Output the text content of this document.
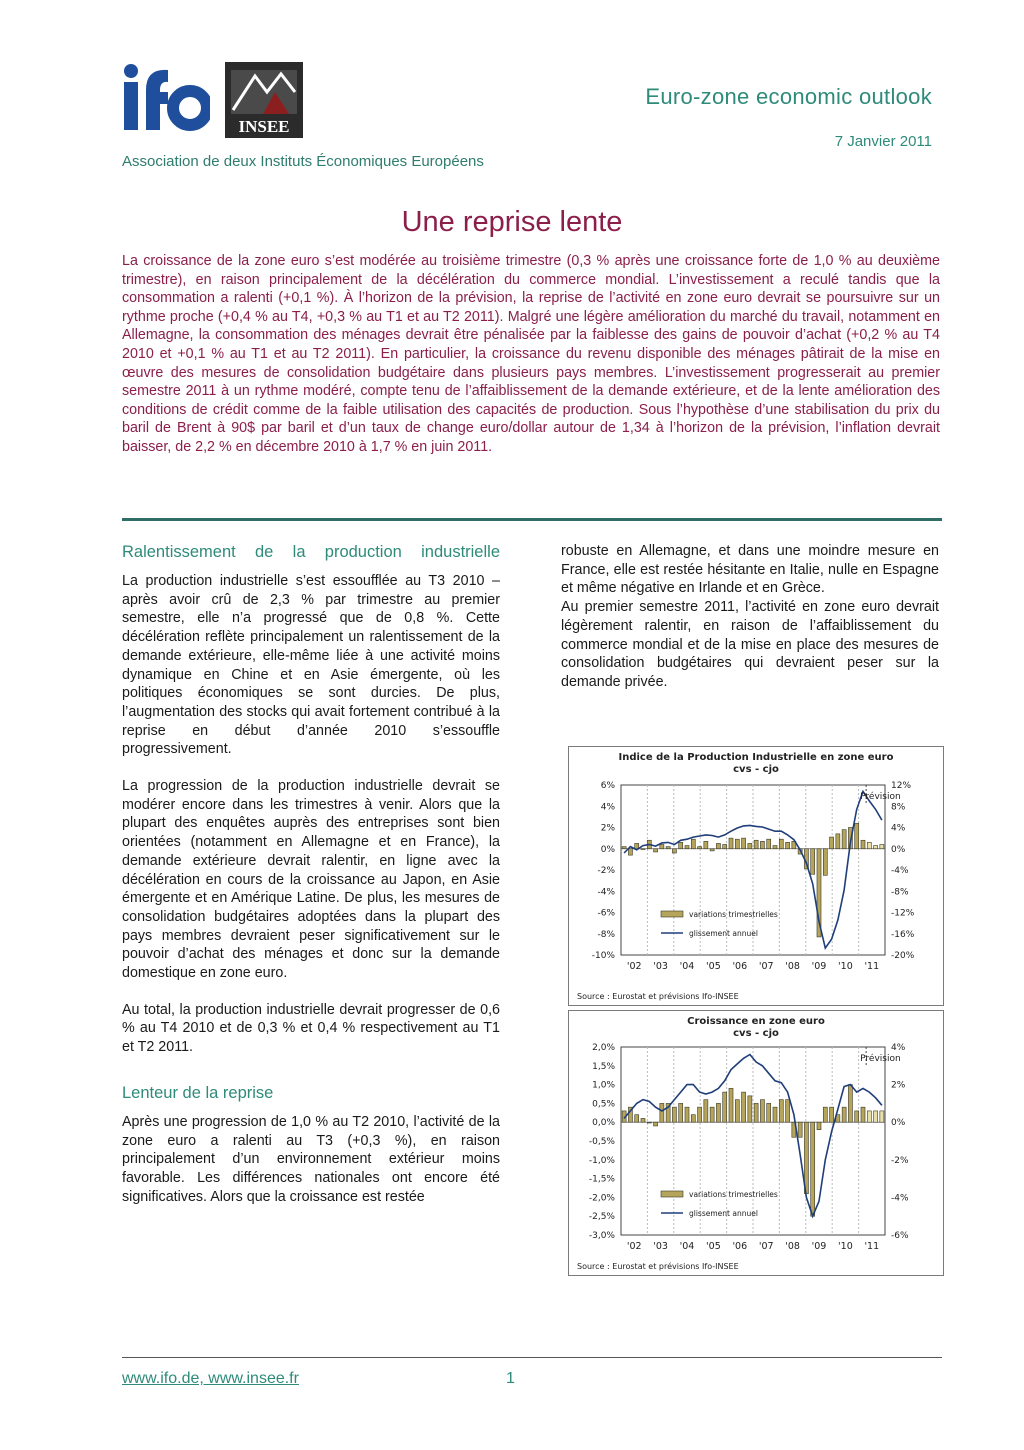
INSEE
Association de deux Instituts Économiques Européens
Euro-zone economic outlook
7 Janvier 2011
Une reprise lente
La croissance de la zone euro s’est modérée au troisième trimestre (0,3 % après une croissance forte de 1,0 % au deuxième trimestre), en raison principalement de la décélération du commerce mondial. L’investissement a reculé tandis que la consommation a ralenti (+0,1 %). À l’horizon de la prévision, la reprise de l’activité en zone euro devrait se poursuivre sur un rythme proche (+0,4 % au T4, +0,3 % au T1 et au T2 2011). Malgré une légère amélioration du marché du travail, notamment en Allemagne, la consommation des ménages devrait être pénalisée par la faiblesse des gains de pouvoir d’achat (+0,2 % au T4 2010 et +0,1 % au T1 et au T2 2011). En particulier, la croissance du revenu disponible des ménages pâtirait de la mise en œuvre des mesures de consolidation budgétaire dans plusieurs pays membres. L’investissement progresserait au premier semestre 2011 à un rythme modéré, compte tenu de l’affaiblissement de la demande extérieure, et de la lente amélioration des conditions de crédit comme de la faible utilisation des capacités de production. Sous l’hypothèse d’une stabilisation du prix du baril de Brent à 90$ par baril et d’un taux de change euro/dollar autour de 1,34 à l’horizon de la prévision, l’inflation devrait baisser, de 2,2 % en décembre 2010 à 1,7 % en juin 2011.
Ralentissement de la production industrielle

La production industrielle s’est essoufflée au T3 2010 – après avoir crû de 2,3 % par trimestre au premier semestre, elle n’a progressé que de 0,8 %. Cette décélération reflète principalement un ralentissement de la demande extérieure, elle-même liée à une activité moins dynamique en Chine et en Asie émergente, où les politiques économiques se sont durcies. De plus, l’augmentation des stocks qui avait fortement contribué à la reprise en début d’année 2010 s’essouffle progressivement.

La progression de la production industrielle devrait se modérer encore dans les trimestres à venir. Alors que la plupart des enquêtes auprès des entreprises sont bien orientées (notamment en Allemagne et en France), la demande extérieure devrait ralentir, en ligne avec la décélération en cours de la croissance au Japon, en Asie émergente et en Amérique Latine. De plus, les mesures de consolidation budgétaires adoptées dans la plupart des pays membres devraient peser significativement sur le pouvoir d’achat des ménages et donc sur la demande domestique en zone euro.

Au total, la production industrielle devrait progresser de 0,6 % au T4 2010 et de 0,3 % et 0,4 % respectivement au T1 et T2 2011.

Lenteur de la reprise

Après une progression de 1,0 % au T2 2010, l’activité de la zone euro a ralenti au T3 (+0,3 %), en raison principalement d’un environnement extérieur moins favorable. Les différences nationales ont encore été significatives. Alors que la croissance est restée

robuste en Allemagne, et dans une moindre mesure en France, elle est restée hésitante en Italie, nulle en Espagne et même négative en Irlande et en Grèce.

Au premier semestre 2011, l’activité en zone euro devrait légèrement ralentir, en raison de l’affaiblissement du commerce mondial et de la mise en place des mesures de consolidation budgétaires qui devraient peser sur la demande privée.

Indice de la Production Industrielle en zone euro
cvs - cjo
6%
4%
2%
0%
-2%
-4%
-6%
-8%
-10%
12%
8%
4%
0%
-4%
-8%
-12%
-16%
-20%
'02 '03 '04 '05 '06 '07 '08 '09 '10 '11
Prévision
variations trimestrielles
glissement annuel
Source : Eurostat et prévisions Ifo-INSEE
Croissance en zone euro
cvs - cjo
2,0%
1,5%
1,0%
0,5%
0,0%
-0,5%
-1,0%
-1,5%
-2,0%
-2,5%
-3,0%
4%
2%
0%
-2%
-4%
-6%
'02 '03 '04 '05 '06 '07 '08 '09 '10 '11
Prévision
variations trimestrielles
glissement annuel
Source : Eurostat et prévisions Ifo-INSEE
www.ifo.de, www.insee.fr	1
